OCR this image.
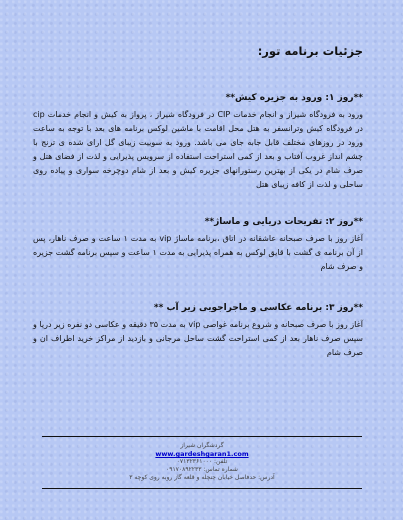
جزئیات برنامه تور:
**روز ۱: ورود به جزیره کیش**

ورود به فرودگاه شیراز و انجام خدمات CIP در فرودگاه شیراز ، پرواز به کیش و انجام خدمات cip در فرودگاه کیش وترانسفر به هتل محل اقامت با ماشین لوکس برنامه های بعد با توجه به ساعت ورود در روزهای مختلف قابل جابه جای می باشد. ورود به سوییت زیبای گل ارای شده ی ترنج با چشم انداز غروب آفتاب و بعد از کمی استراحت استفاده از سرویس پذیرایی و لذت از فضای هتل و صرف شام در یکی از بهترین رستورانهای جزیره کیش و بعد از شام دوچرخه سواری و پیاده روی ساحلی و لذت از کافه زیبای هتل

**روز ۲: تفریحات دریایی و ماساژ**

آغاز روز با صرف صبحانه عاشقانه در اتاق ،برنامه ماساژ vip به مدت ۱ ساعت و صرف ناهار، پس از آن برنامه ی گشت با قایق لوکس به همراه پذیرایی به مدت ۱ ساعت و سپس برنامه گشت جزیره و صرف شام

**روز ۳: برنامه عکاسی و ماجراجویی زیر آب **

آغاز روز با صرف صبحانه و شروع برنامه غواصی vip به مدت ۳۵ دقیقه و عکاسی دو نفره زیر دریا و سپس صرف ناهار بعد از کمی استراحت گشت ساحل مرجانی و بازدید از مراکز خرید اطراف ان و صرف شام

گردشگران شیراز
www.gardeshgaran1.com
تلفن: ۰۷۱۳۲۳۶۱۰۰۰
شماره تماس: ۰۹۱۷۰۸۹۲۲۳۳
آدرس: حدفاصل خیابان چنچله و قلعه گاز روبه روی کوچه ۳
